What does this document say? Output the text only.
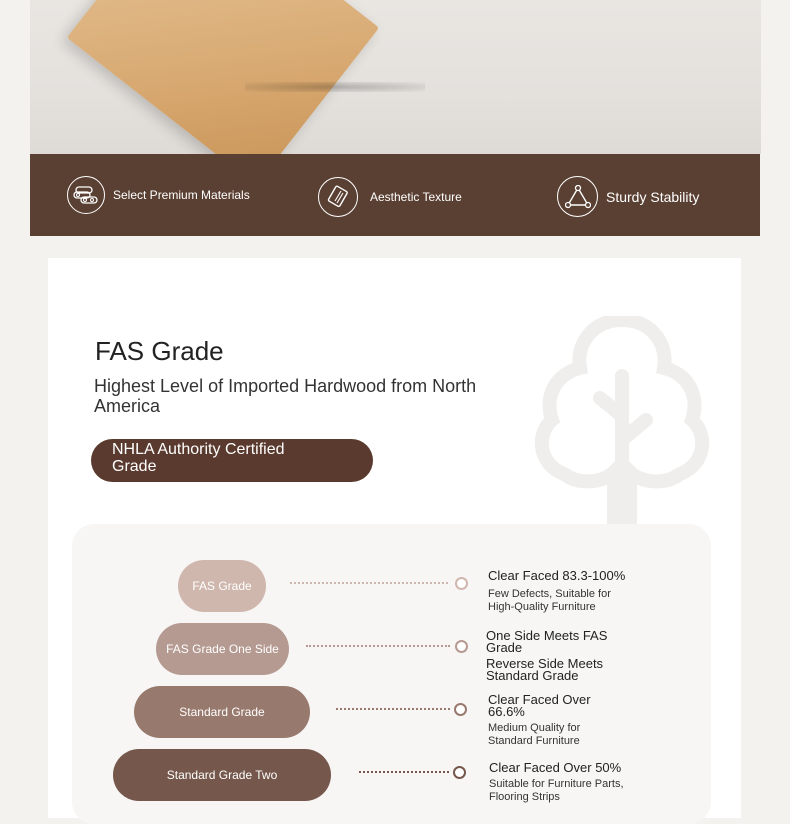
Select Premium Materials	Aesthetic Texture	Sturdy Stability
FAS Grade
Highest Level of Imported Hardwood from North America
NHLA Authority Certified Grade
FAS Grade
Clear Faced 83.3-100%
Few Defects, Suitable for High-Quality Furniture
FAS Grade One Side
One Side Meets FAS Grade
Reverse Side Meets Standard Grade
Standard Grade
Clear Faced Over 66.6%
Medium Quality for Standard Furniture
Standard Grade Two	Clear Faced Over 50%
Suitable for Furniture Parts, Flooring Strips
